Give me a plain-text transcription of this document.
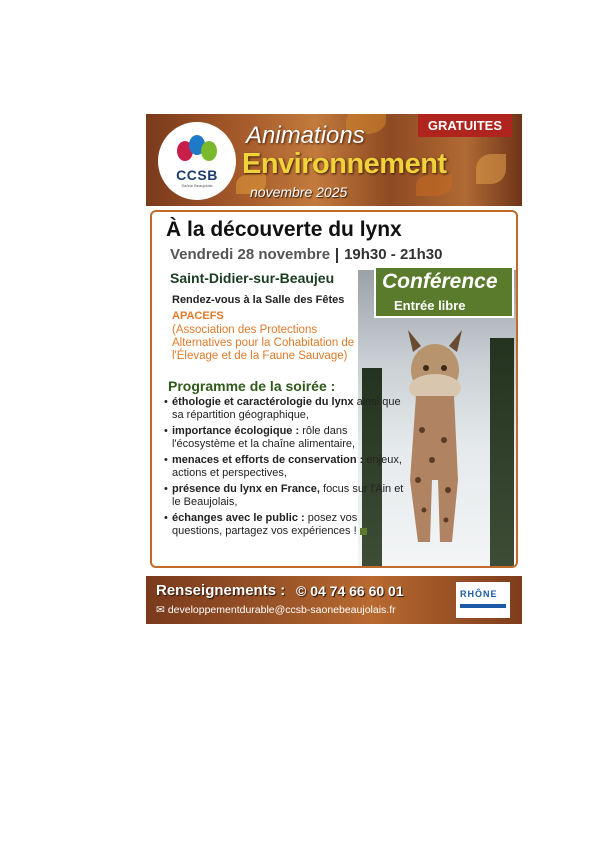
CCSB
Saône Beaujolais
Animations
Environnement
novembre 2025
GRATUITES
À la découverte du lynx
Vendredi 28 novembre 19h30 - 21h30
Saint-Didier-sur-Beaujeu
Rendez-vous à la Salle des Fêtes
APACEFS
(Association des Protections Alternatives pour la Cohabitation de l'Élevage et de la Faune Sauvage)
Programme de la soirée :
Conférence
Entrée libre
• éthologie et caractérologie du lynx ainsi que sa répartition géographique,
• importance écologique : rôle dans l'écosystème et la chaîne alimentaire,
• menaces et efforts de conservation : enjeux, actions et perspectives,
• présence du lynx en France, focus sur l'Ain et le Beaujolais,
• échanges avec le public : posez vos questions, partagez vos expériences !
Renseignements : © 04 74 66 60 01
✉ developpementdurable@ccsb-saonebeaujolais.fr
RHÔNE
